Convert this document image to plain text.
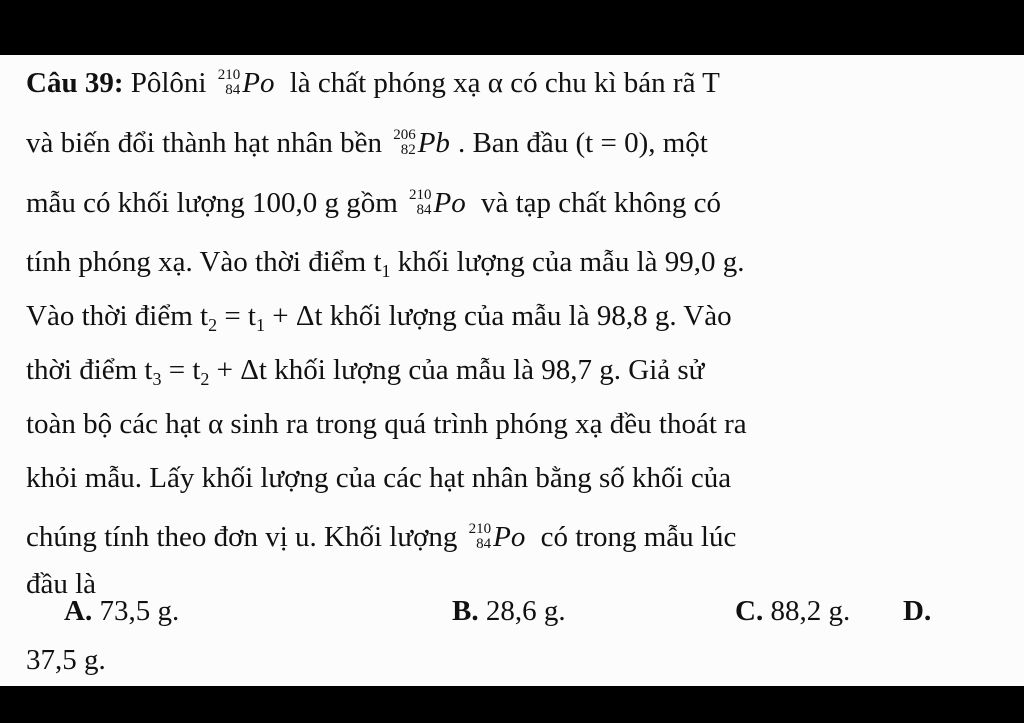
Câu 39: Pôlôni 210
84 Po là chất phóng xạ α có chu kì bán rã T
và biến đổi thành hạt nhân bền 206
82 Pb . Ban đầu (t = 0), một
mẫu có khối lượng 100,0 g gồm 210
84 Po và tạp chất không có
tính phóng xạ. Vào thời điểm $t_1$ khối lượng của mẫu là 99,0 g.
Vào thời điểm $t_2 = t_1 + \Delta t$ khối lượng của mẫu là 98,8 g. Vào
thời điểm $t_3 = t_2 + \Delta t$ khối lượng của mẫu là 98,7 g. Giả sử
toàn bộ các hạt α sinh ra trong quá trình phóng xạ đều thoát ra
khỏi mẫu. Lấy khối lượng của các hạt nhân bằng số khối của
chúng tính theo đơn vị u. Khối lượng 210
84 Po có trong mẫu lúc
đầu là
A. 73,5 g.	B. 28,6 g.	C. 88,2 g. D.
37,5 g.
